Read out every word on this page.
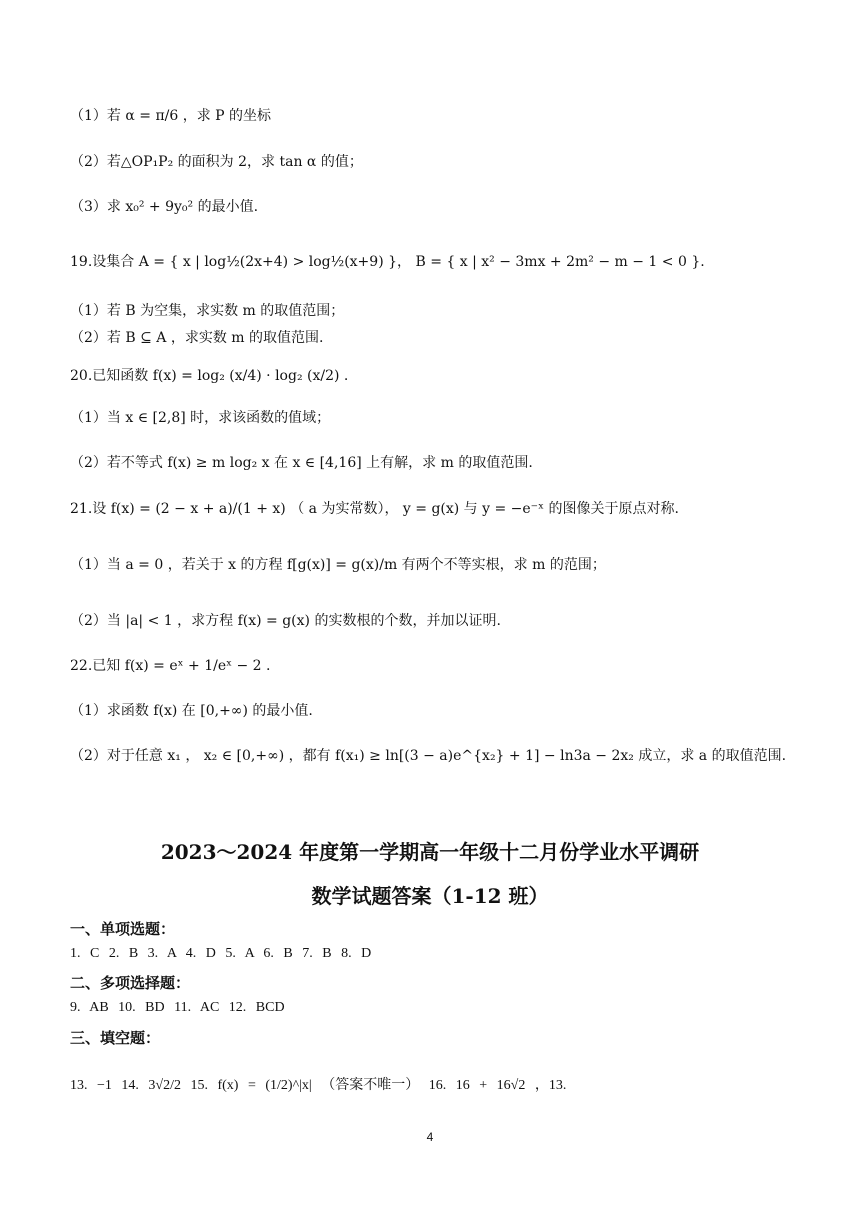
（1）若 α = π/6 ，求 P 的坐标
（2）若△OP₁P₂ 的面积为 2，求 tan α 的值；
（3）求 x₀² + 9y₀² 的最小值.
19.设集合 A = { x | log½(2x+4) > log½(x+9) }， B = { x | x² − 3mx + 2m² − m − 1 < 0 }.
（1）若 B 为空集，求实数 m 的取值范围；
（2）若 B ⊆ A ，求实数 m 的取值范围.
20.已知函数 f(x) = log₂ (x/4) · log₂ (x/2) .
（1）当 x ∈ [2,8] 时，求该函数的值域；
（2）若不等式 f(x) ≥ m log₂ x 在 x ∈ [4,16] 上有解，求 m 的取值范围.
21.设 f(x) = (2 − x + a)/(1 + x) （ a 为实常数）， y = g(x) 与 y = −e⁻ˣ 的图像关于原点对称.
（1）当 a = 0 ，若关于 x 的方程 f[g(x)] = g(x)/m 有两个不等实根，求 m 的范围；
（2）当 |a| < 1 ，求方程 f(x) = g(x) 的实数根的个数，并加以证明.
22.已知 f(x) = eˣ + 1/eˣ − 2 .
（1）求函数 f(x) 在 [0,+∞) 的最小值.
（2）对于任意 x₁ ， x₂ ∈ [0,+∞) ，都有 f(x₁) ≥ ln[(3 − a)e^{x₂} + 1] − ln3a − 2x₂ 成立，求 a 的取值范围.
2023～2024 年度第一学期高一年级十二月份学业水平调研
数学试题答案（1-12 班）
一、单项选题：
1. C 2. B 3. A 4. D 5. A 6. B 7. B 8. D
二、多项选择题：
9. AB 10. BD 11. AC 12. BCD
三、填空题：
13. −1 14. 3√2/2 15. f(x) = (1/2)^|x| （答案不唯一） 16. 16 + 16√2 ，13.
4
